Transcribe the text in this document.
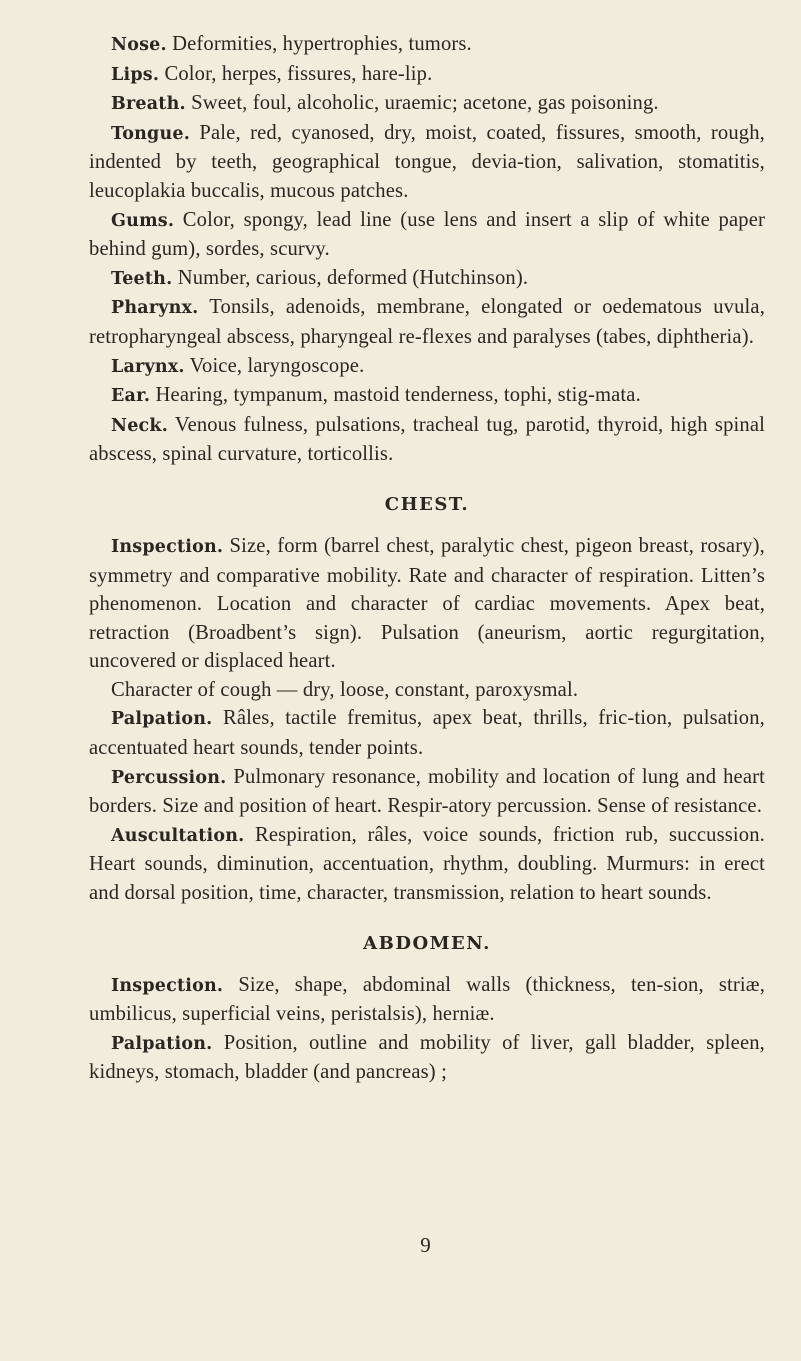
Nose. Deformities, hypertrophies, tumors.

Lips. Color, herpes, fissures, hare-lip.

Breath. Sweet, foul, alcoholic, uraemic; acetone, gas poisoning.

Tongue. Pale, red, cyanosed, dry, moist, coated, fissures, smooth, rough, indented by teeth, geographical tongue, devia-tion, salivation, stomatitis, leucoplakia buccalis, mucous patches.

Gums. Color, spongy, lead line (use lens and insert a slip of white paper behind gum), sordes, scurvy.

Teeth. Number, carious, deformed (Hutchinson).

Pharynx. Tonsils, adenoids, membrane, elongated or oedematous uvula, retropharyngeal abscess, pharyngeal re-flexes and paralyses (tabes, diphtheria).

Larynx. Voice, laryngoscope.

Ear. Hearing, tympanum, mastoid tenderness, tophi, stig-mata.

Neck. Venous fulness, pulsations, tracheal tug, parotid, thyroid, high spinal abscess, spinal curvature, torticollis.

CHEST.

Inspection. Size, form (barrel chest, paralytic chest, pigeon breast, rosary), symmetry and comparative mobility. Rate and character of respiration. Litten’s phenomenon. Location and character of cardiac movements. Apex beat, retraction (Broadbent’s sign). Pulsation (aneurism, aortic regurgitation, uncovered or displaced heart.

Character of cough — dry, loose, constant, paroxysmal.

Palpation. Râles, tactile fremitus, apex beat, thrills, fric-tion, pulsation, accentuated heart sounds, tender points.

Percussion. Pulmonary resonance, mobility and location of lung and heart borders. Size and position of heart. Respir-atory percussion. Sense of resistance.

Auscultation. Respiration, râles, voice sounds, friction rub, succussion. Heart sounds, diminution, accentuation, rhythm, doubling. Murmurs: in erect and dorsal position, time, character, transmission, relation to heart sounds.

ABDOMEN.

Inspection. Size, shape, abdominal walls (thickness, ten-sion, striæ, umbilicus, superficial veins, peristalsis), herniæ.

Palpation. Position, outline and mobility of liver, gall bladder, spleen, kidneys, stomach, bladder (and pancreas) ;

9
